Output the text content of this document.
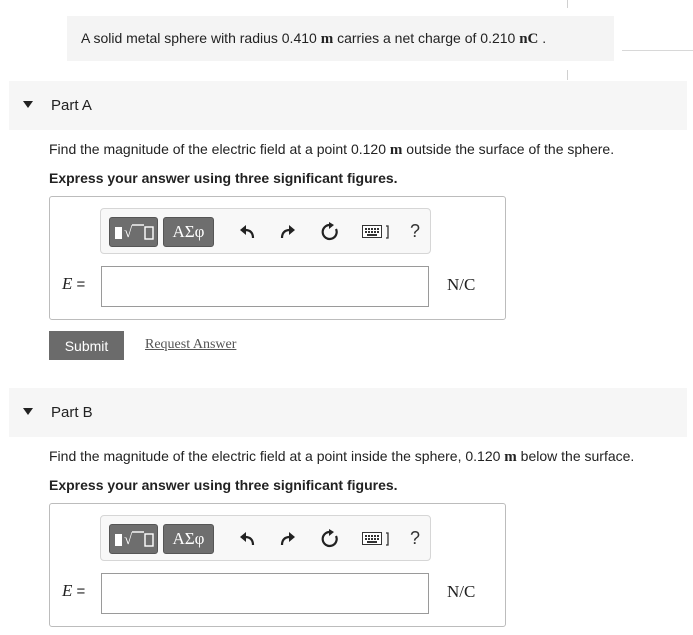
A solid metal sphere with radius 0.410 m carries a net charge of 0.210 nC .
Part A
Find the magnitude of the electric field at a point 0.120 m outside the surface of the sphere.
Express your answer using three significant figures.
√	ΑΣφ	?
E =	N/C
Submit	Request Answer
Part B
Find the magnitude of the electric field at a point inside the sphere, 0.120 m below the surface.
Express your answer using three significant figures.
√	ΑΣφ	?
E =	N/C
